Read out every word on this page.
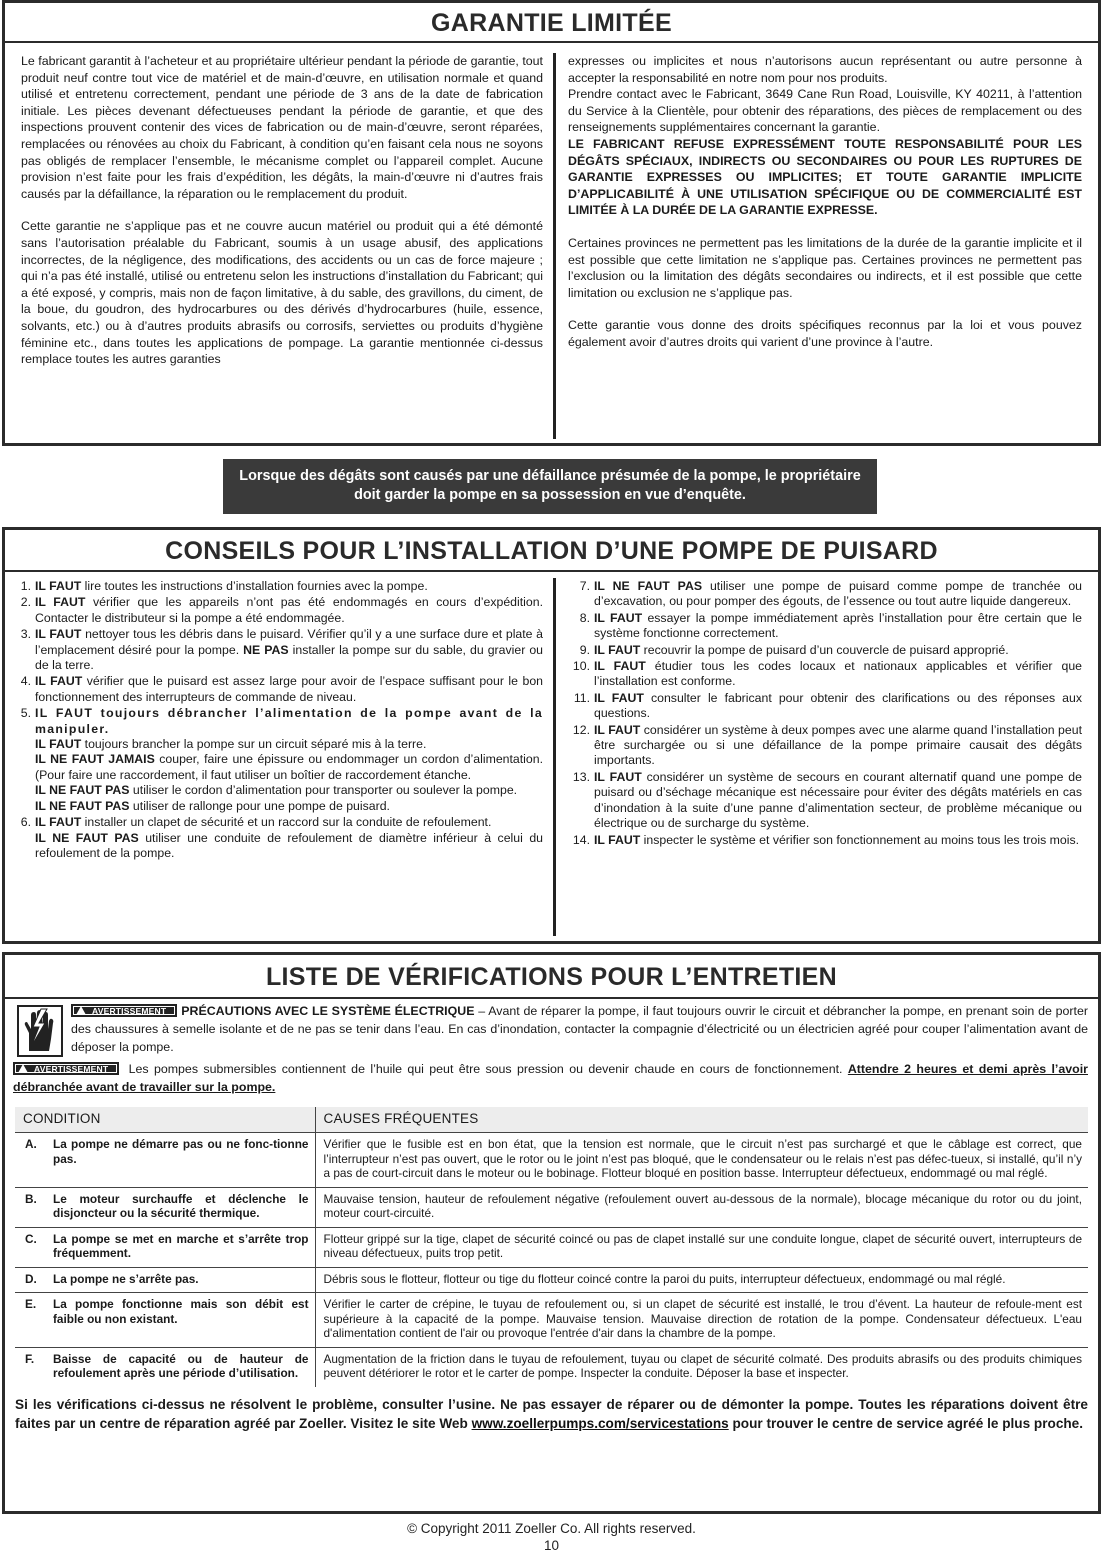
GARANTIE LIMITÉE

Le fabricant garantit à l’acheteur et au propriétaire ultérieur pendant la période de garantie, tout produit neuf contre tout vice de matériel et de main-d’œuvre, en utilisation normale et quand utilisé et entretenu correctement, pendant une période de 3 ans de la date de fabrication initiale. Les pièces devenant défectueuses pendant la période de garantie, et que des inspections prouvent contenir des vices de fabrication ou de main-d’œuvre, seront réparées, remplacées ou rénovées au choix du Fabricant, à condition qu’en faisant cela nous ne soyons pas obligés de remplacer l’ensemble, le mécanisme complet ou l’appareil complet. Aucune provision n’est faite pour les frais d’expédition, les dégâts, la main-d’œuvre ni d’autres frais causés par la défaillance, la réparation ou le remplacement du produit.

Cette garantie ne s’applique pas et ne couvre aucun matériel ou produit qui a été démonté sans l’autorisation préalable du Fabricant, soumis à un usage abusif, des applications incorrectes, de la négligence, des modifications, des accidents ou un cas de force majeure ; qui n’a pas été installé, utilisé ou entretenu selon les instructions d’installation du Fabricant; qui a été exposé, y compris, mais non de façon limitative, à du sable, des gravillons, du ciment, de la boue, du goudron, des hydrocarbures ou des dérivés d’hydrocarbures (huile, essence, solvants, etc.) ou à d’autres produits abrasifs ou corrosifs, serviettes ou produits d’hygiène féminine etc., dans toutes les applications de pompage. La garantie mentionnée ci-dessus remplace toutes les autres garanties

expresses ou implicites et nous n’autorisons aucun représentant ou autre personne à accepter la responsabilité en notre nom pour nos produits.

Prendre contact avec le Fabricant, 3649 Cane Run Road, Louisville, KY 40211, à l’attention du Service à la Clientèle, pour obtenir des réparations, des pièces de remplacement ou des renseignements supplémentaires concernant la garantie.

LE FABRICANT REFUSE EXPRESSÉMENT TOUTE RESPONSABILITÉ POUR LES DÉGÂTS SPÉCIAUX, INDIRECTS OU SECONDAIRES OU POUR LES RUPTURES DE GARANTIE EXPRESSES OU IMPLICITES; ET TOUTE GARANTIE IMPLICITE D’APPLICABILITÉ À UNE UTILISATION SPÉCIFIQUE OU DE COMMERCIALITÉ EST LIMITÉE À LA DURÉE DE LA GARANTIE EXPRESSE.

Certaines provinces ne permettent pas les limitations de la durée de la garantie implicite et il est possible que cette limitation ne s’applique pas. Certaines provinces ne permettent pas l’exclusion ou la limitation des dégâts secondaires ou indirects, et il est possible que cette limitation ou exclusion ne s’applique pas.

Cette garantie vous donne des droits spécifiques reconnus par la loi et vous pouvez également avoir d’autres droits qui varient d’une province à l’autre.

Lorsque des dégâts sont causés par une défaillance présumée de la pompe, le propriétaire doit garder la pompe en sa possession en vue d’enquête.
CONSEILS POUR L’INSTALLATION D’UNE POMPE DE PUISARD
1. IL FAUT lire toutes les instructions d’installation fournies avec la pompe.
2. IL FAUT vérifier que les appareils n’ont pas été endommagés en cours d’expédition. Contacter le distributeur si la pompe a été endommagée.
3. IL FAUT nettoyer tous les débris dans le puisard. Vérifier qu’il y a une surface dure et plate à l’emplacement désiré pour la pompe. NE PAS installer la pompe sur du sable, du gravier ou de la terre.
4. IL FAUT vérifier que le puisard est assez large pour avoir de l’espace suffisant pour le bon fonctionnement des interrupteurs de commande de niveau.
5. IL FAUT toujours débrancher l’alimentation de la pompe avant de la manipuler.
IL FAUT toujours brancher la pompe sur un circuit séparé mis à la terre.
IL NE FAUT JAMAIS couper, faire une épissure ou endommager un cordon d’alimentation. (Pour faire une raccordement, il faut utiliser un boîtier de raccordement étanche.
IL NE FAUT PAS utiliser le cordon d’alimentation pour transporter ou soulever la pompe.
IL NE FAUT PAS utiliser de rallonge pour une pompe de puisard.
6. IL FAUT installer un clapet de sécurité et un raccord sur la conduite de refoulement.
IL NE FAUT PAS utiliser une conduite de refoulement de diamètre inférieur à celui du refoulement de la pompe.
7. IL NE FAUT PAS utiliser une pompe de puisard comme pompe de tranchée ou d’excavation, ou pour pomper des égouts, de l’essence ou tout autre liquide dangereux.
8. IL FAUT essayer la pompe immédiatement après l’installation pour être certain que le système fonctionne correctement.
9. IL FAUT recouvrir la pompe de puisard d’un couvercle de puisard approprié.
10. IL FAUT étudier tous les codes locaux et nationaux applicables et vérifier que l’installation est conforme.
11. IL FAUT consulter le fabricant pour obtenir des clarifications ou des réponses aux questions.
12. IL FAUT considérer un système à deux pompes avec une alarme quand l’installation peut être surchargée ou si une défaillance de la pompe primaire causait des dégâts importants.
13. IL FAUT considérer un système de secours en courant alternatif quand une pompe de puisard ou d’séchage mécanique est nécessaire pour éviter des dégâts matériels en cas d’inondation à la suite d’une panne d’alimentation secteur, de problème mécanique ou électrique ou de surcharge du système.
14. IL FAUT inspecter le système et vérifier son fonctionnement au moins tous les trois mois.
LISTE DE VÉRIFICATIONS POUR L’ENTRETIEN
AVERTISSEMENT PRÉCAUTIONS AVEC LE SYSTÈME ÉLECTRIQUE – Avant de réparer la pompe, il faut toujours ouvrir le circuit et débrancher la pompe, en prenant soin de porter des chaussures à semelle isolante et de ne pas se tenir dans l’eau. En cas d’inondation, contacter la compagnie d’électricité ou un électricien agréé pour couper l’alimentation avant de déposer la pompe.
AVERTISSEMENT Les pompes submersibles contiennent de l’huile qui peut être sous pression ou devenir chaude en cours de fonctionnement. Attendre 2 heures et demi après l’avoir débranchée avant de travailler sur la pompe.
CONDITION	CAUSES FRÉQUENTES

A. La pompe ne démarre pas ou ne fonc-tionne pas.	Vérifier que le fusible est en bon état, que la tension est normale, que le circuit n’est pas surchargé et que le câblage est correct, que l’interrupteur n’est pas ouvert, que le rotor ou le joint n’est pas bloqué, que le condensateur ou le relais n’est pas défec-tueux, si installé, qu’il n’y a pas de court-circuit dans le moteur ou le bobinage. Flotteur bloqué en position basse. Interrupteur défectueux, endommagé ou mal réglé.

B. Le moteur surchauffe et déclenche le disjoncteur ou la sécurité thermique.	Mauvaise tension, hauteur de refoulement négative (refoulement ouvert au-dessous de la normale), blocage mécanique du rotor ou du joint, moteur court-circuité.

C. La pompe se met en marche et s’arrête trop fréquemment.	Flotteur grippé sur la tige, clapet de sécurité coincé ou pas de clapet installé sur une conduite longue, clapet de sécurité ouvert, interrupteurs de niveau défectueux, puits trop petit.

D. La pompe ne s’arrête pas.	Débris sous le flotteur, flotteur ou tige du flotteur coincé contre la paroi du puits, interrupteur défectueux, endommagé ou mal réglé.

E. La pompe fonctionne mais son débit est faible ou non existant.	Vérifier le carter de crépine, le tuyau de refoulement ou, si un clapet de sécurité est installé, le trou d’évent. La hauteur de refoule-ment est supérieure à la capacité de la pompe. Mauvaise tension. Mauvaise direction de rotation de la pompe. Condensateur défectueux. L'eau d'alimentation contient de l'air ou provoque l'entrée d'air dans la chambre de la pompe.

F. Baisse de capacité ou de hauteur de refoulement après une période d’utilisation.	Augmentation de la friction dans le tuyau de refoulement, tuyau ou clapet de sécurité colmaté. Des produits abrasifs ou des produits chimiques peuvent détériorer le rotor et le carter de pompe. Inspecter la conduite. Déposer la base et inspecter.
Si les vérifications ci-dessus ne résolvent le problème, consulter l’usine. Ne pas essayer de réparer ou de démonter la pompe. Toutes les réparations doivent être faites par un centre de réparation agréé par Zoeller. Visitez le site Web www.zoellerpumps.com/servicestations pour trouver le centre de service agréé le plus proche.
© Copyright 2011 Zoeller Co. All rights reserved.
10
